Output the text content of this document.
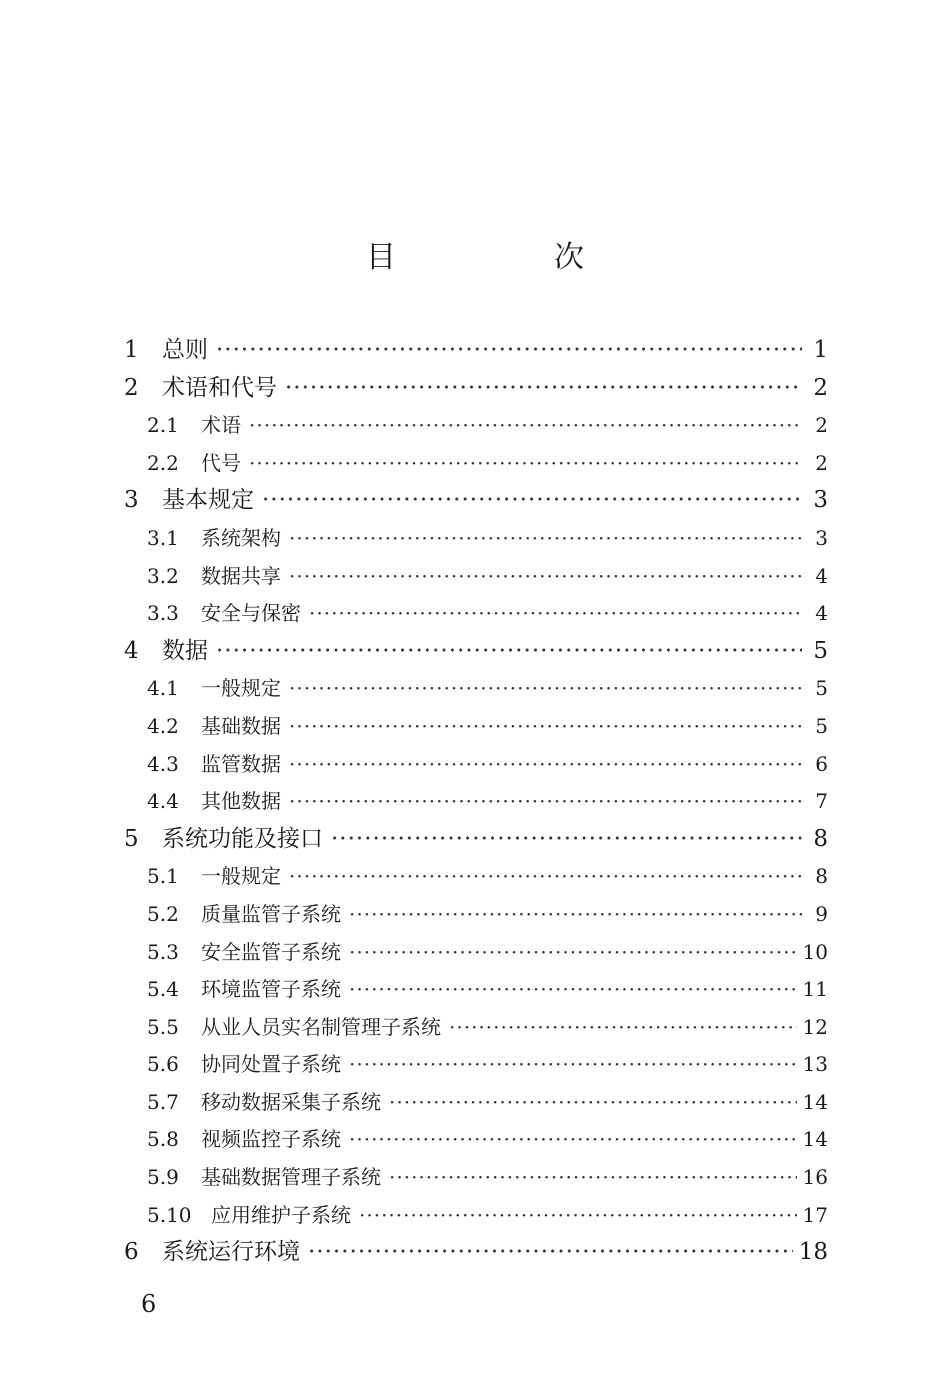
目　次
1	总则 ·····	1
2	术语和代号 ·····	2
2.1	术语 ·····	2
2.2	代号 ·····	2
3	基本规定 ·····	3
3.1	系统架构 ·····	3
3.2	数据共享 ·····	4
3.3	安全与保密 ·····	4
4	数据 ·····	5
4.1	一般规定 ·····	5
4.2	基础数据 ·····	5
4.3	监管数据 ·····	6
4.4	其他数据 ·····	7
5	系统功能及接口 ·····	8
5.1	一般规定 ·····	8
5.2	质量监管子系统 ·····	9
5.3	安全监管子系统 ·····	10
5.4	环境监管子系统 ·····	11
5.5	从业人员实名制管理子系统 ·····	12
5.6	协同处置子系统 ·····	13
5.7	移动数据采集子系统 ·····	14
5.8	视频监控子系统 ·····	14
5.9	基础数据管理子系统 ·····	16
5.10 应用维护子系统 ·····	17
6	系统运行环境 ·····	18
6
